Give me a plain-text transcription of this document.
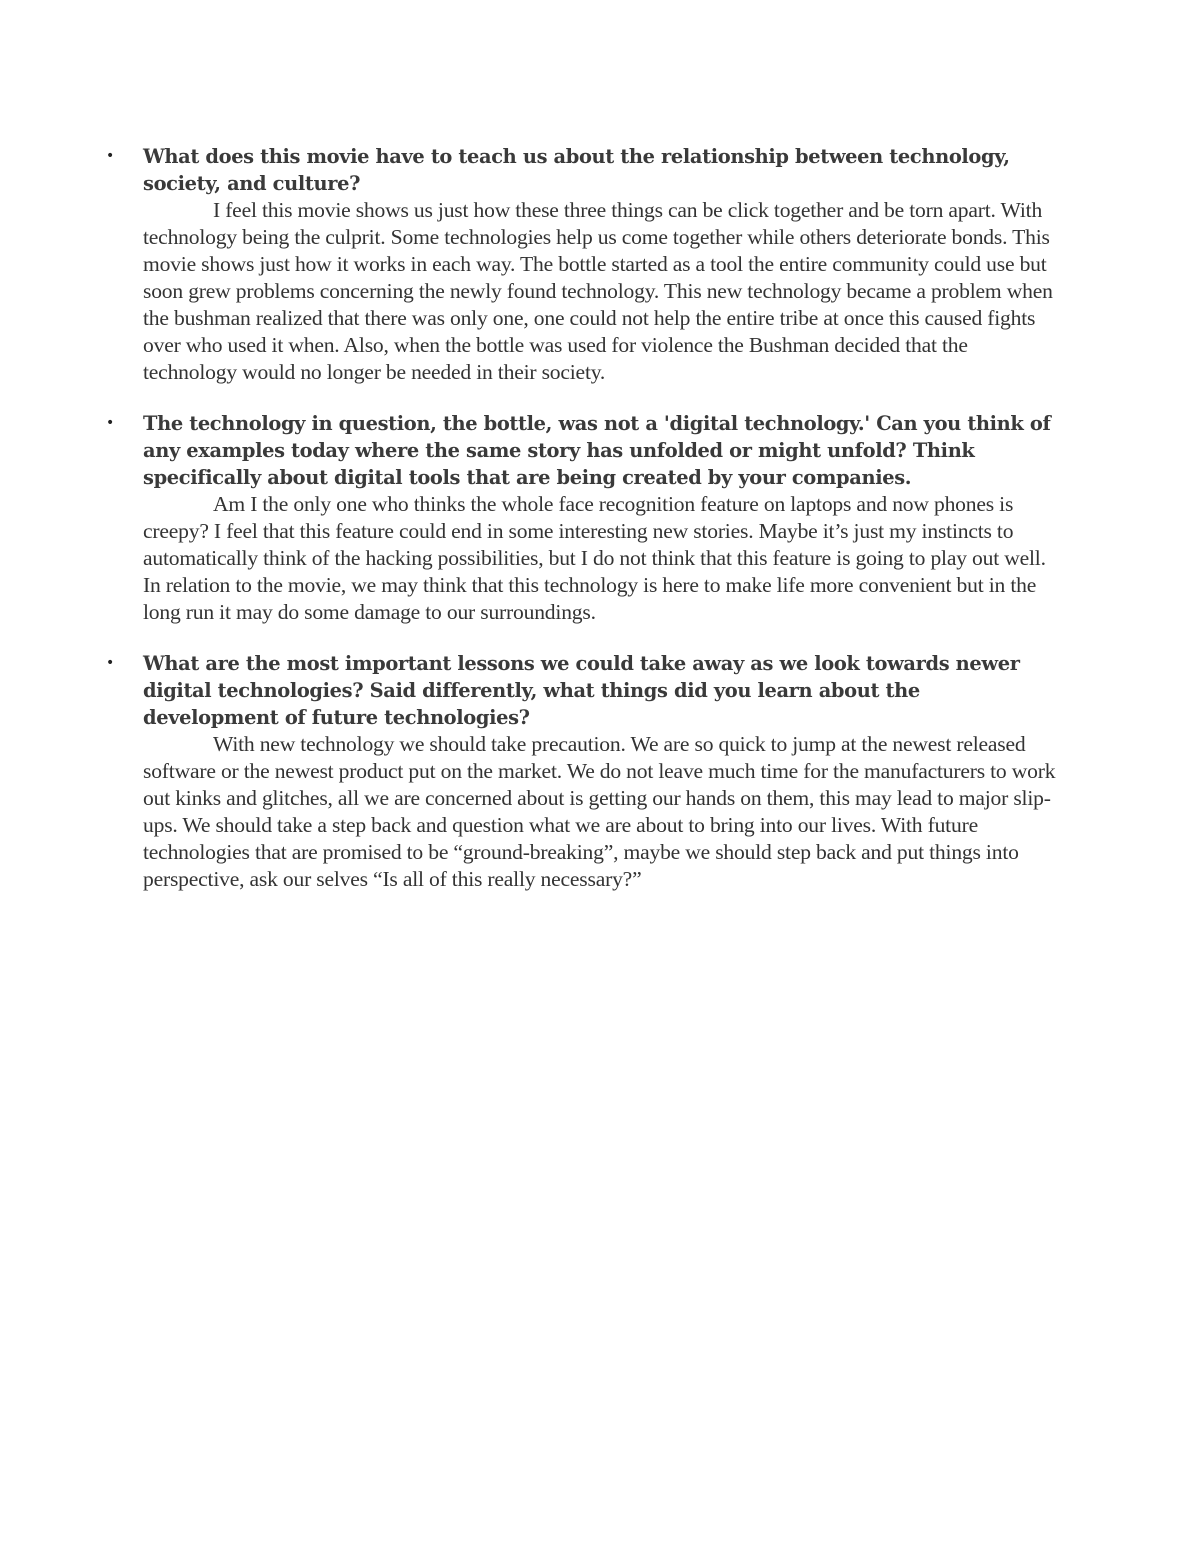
• What does this movie have to teach us about the relationship between technology, society, and culture?

I feel this movie shows us just how these three things can be click together and be torn apart. With technology being the culprit. Some technologies help us come together while others deteriorate bonds. This movie shows just how it works in each way. The bottle started as a tool the entire community could use but soon grew problems concerning the newly found technology. This new technology became a problem when the bushman realized that there was only one, one could not help the entire tribe at once this caused fights over who used it when. Also, when the bottle was used for violence the Bushman decided that the technology would no longer be needed in their society.

• The technology in question, the bottle, was not a 'digital technology.' Can you think of any examples today where the same story has unfolded or might unfold? Think specifically about digital tools that are being created by your companies.

Am I the only one who thinks the whole face recognition feature on laptops and now phones is creepy? I feel that this feature could end in some interesting new stories. Maybe it’s just my instincts to automatically think of the hacking possibilities, but I do not think that this feature is going to play out well. In relation to the movie, we may think that this technology is here to make life more convenient but in the long run it may do some damage to our surroundings.

• What are the most important lessons we could take away as we look towards newer digital technologies? Said differently, what things did you learn about the development of future technologies?

With new technology we should take precaution. We are so quick to jump at the newest released software or the newest product put on the market. We do not leave much time for the manufacturers to work out kinks and glitches, all we are concerned about is getting our hands on them, this may lead to major slip-ups. We should take a step back and question what we are about to bring into our lives. With future technologies that are promised to be “ground-breaking”, maybe we should step back and put things into perspective, ask our selves “Is all of this really necessary?”
